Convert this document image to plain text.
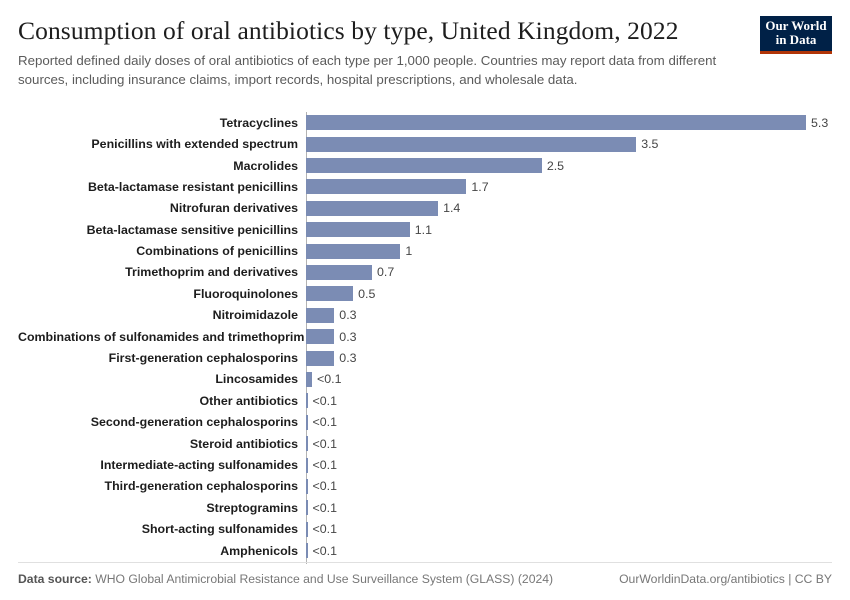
Consumption of oral antibiotics by type, United Kingdom, 2022

Reported defined daily doses of oral antibiotics of each type per 1,000 people. Countries may report data from different sources, including insurance claims, import records, hospital prescriptions, and wholesale data.

Our World
in Data
Tetracyclines	5.3
Penicillins with extended spectrum	3.5
Macrolides	2.5
Beta-lactamase resistant penicillins	1.7
Nitrofuran derivatives	1.4
Beta-lactamase sensitive penicillins	1.1
Combinations of penicillins	1
Trimethoprim and derivatives	0.7
Fluoroquinolones	0.5
Nitroimidazole	0.3
Combinations of sulfonamides and trimethoprim	0.3
First-generation cephalosporins	0.3
Lincosamides	<0.1
Other antibiotics	<0.1
Second-generation cephalosporins	<0.1
Steroid antibiotics	<0.1
Intermediate-acting sulfonamides	<0.1
Third-generation cephalosporins	<0.1
Streptogramins	<0.1
Short-acting sulfonamides	<0.1
Amphenicols	<0.1
Data source: WHO Global Antimicrobial Resistance and Use Surveillance System (GLASS) (2024)	OurWorldinData.org/antibiotics | CC BY
